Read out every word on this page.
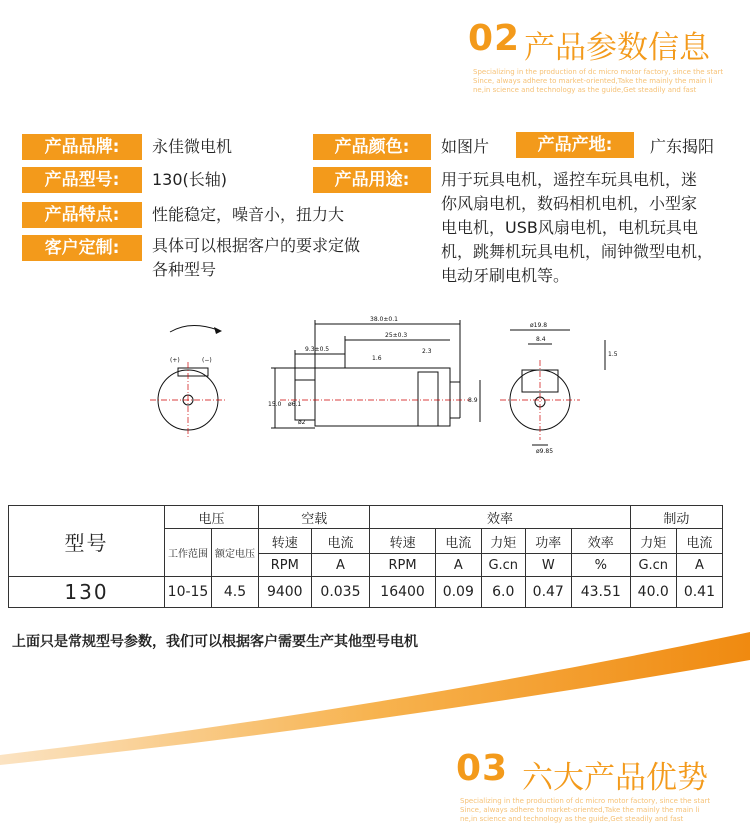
02 产品参数信息
Specializing in the production of dc micro motor factory, since the start
Since, always adhere to market-oriented,Take the mainly the main li
ne,in science and technology as the guide,Get steadily and fast
产品品牌:	永佳微电机	产品颜色:	如图片	产品产地:	广东揭阳
产品型号:	130(长轴)	产品用途:	用于玩具电机，遥控车玩具电机，迷
你风扇电机，数码相机电机，小型家
电电机，USB风扇电机，电机玩具电
机，跳舞机玩具电机，闹钟微型电机，
电动牙刷电机等。
产品特点:	性能稳定，噪音小，扭力大
客户定制:	具体可以根据客户的要求定做
各种型号
(+)	(−)
38.0±0.1
25±0.3
9.3±0.5
1.6
2.3
15.0 ø6.1
ø2
8.9
ø19.8
8.4
1.5
ø9.85
型号	电压		空载		效率					制动	
	工作范围	额定电压	转速	电流	转速	电流	力矩	功率	效率	力矩	电流
			RPM	A	RPM	A	G.cn	W	%	G.cn	A
130	10-15	4.5	9400	0.035	16400	0.09	6.0	0.47	43.51	40.0	0.41
上面只是常规型号参数，我们可以根据客户需要生产其他型号电机
03 六大产品优势
Specializing in the production of dc micro motor factory, since the start
Since, always adhere to market-oriented,Take the mainly the main li
ne,in science and technology as the guide,Get steadily and fast
